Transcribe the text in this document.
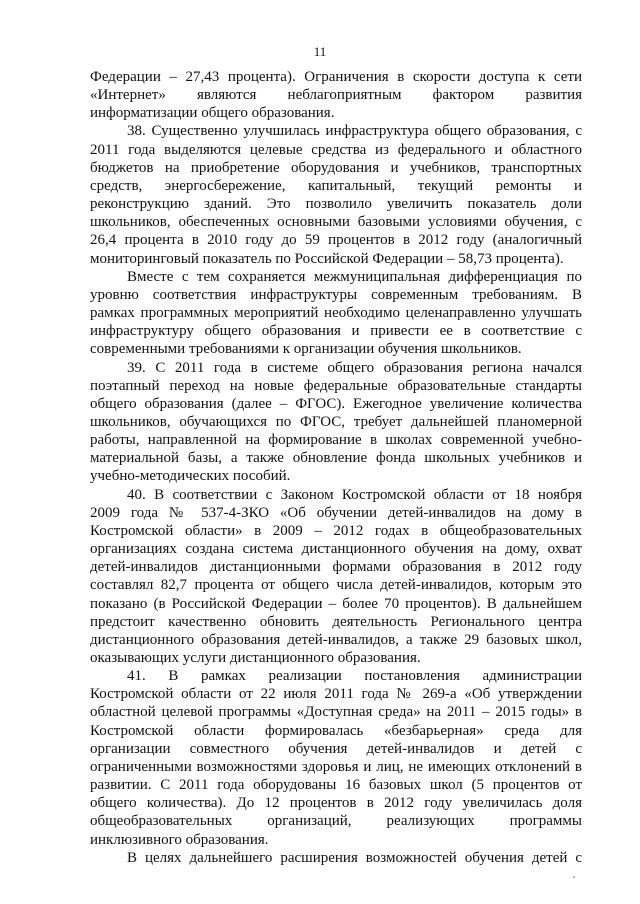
11

Федерации – 27,43 процента). Ограничения в скорости доступа к сети
«Интернет» являются неблагоприятным фактором развития
информатизации общего образования.

38. Существенно улучшилась инфраструктура общего образования, с
2011 года выделяются целевые средства из федерального и областного
бюджетов на приобретение оборудования и учебников, транспортных
средств, энергосбережение, капитальный, текущий ремонты и
реконструкцию зданий. Это позволило увеличить показатель доли
школьников, обеспеченных основными базовыми условиями обучения, с
26,4 процента в 2010 году до 59 процентов в 2012 году (аналогичный
мониторинговый показатель по Российской Федерации – 58,73 процента).

Вместе с тем сохраняется межмуниципальная дифференциация по
уровню соответствия инфраструктуры современным требованиям. В
рамках программных мероприятий необходимо целенаправленно улучшать
инфраструктуру общего образования и привести ее в соответствие с
современными требованиями к организации обучения школьников.

39. С 2011 года в системе общего образования региона начался
поэтапный переход на новые федеральные образовательные стандарты
общего образования (далее – ФГОС). Ежегодное увеличение количества
школьников, обучающихся по ФГОС, требует дальнейшей планомерной
работы, направленной на формирование в школах современной учебно-
материальной базы, а также обновление фонда школьных учебников и
учебно-методических пособий.

40. В соответствии с Законом Костромской области от 18 ноября
2009 года № 537-4-ЗКО «Об обучении детей-инвалидов на дому в
Костромской области» в 2009 – 2012 годах в общеобразовательных
организациях создана система дистанционного обучения на дому, охват
детей-инвалидов дистанционными формами образования в 2012 году
составлял 82,7 процента от общего числа детей-инвалидов, которым это
показано (в Российской Федерации – более 70 процентов). В дальнейшем
предстоит качественно обновить деятельность Регионального центра
дистанционного образования детей-инвалидов, а также 29 базовых школ,
оказывающих услуги дистанционного образования.

41. В рамках реализации постановления администрации
Костромской области от 22 июля 2011 года № 269-а «Об утверждении
областной целевой программы «Доступная среда» на 2011 – 2015 годы» в
Костромской области формировалась «безбарьерная» среда для
организации совместного обучения детей-инвалидов и детей с
ограниченными возможностями здоровья и лиц, не имеющих отклонений в
развитии. С 2011 года оборудованы 16 базовых школ (5 процентов от
общего количества). До 12 процентов в 2012 году увеличилась доля
общеобразовательных организаций, реализующих программы
инклюзивного образования.

В целях дальнейшего расширения возможностей обучения детей с
